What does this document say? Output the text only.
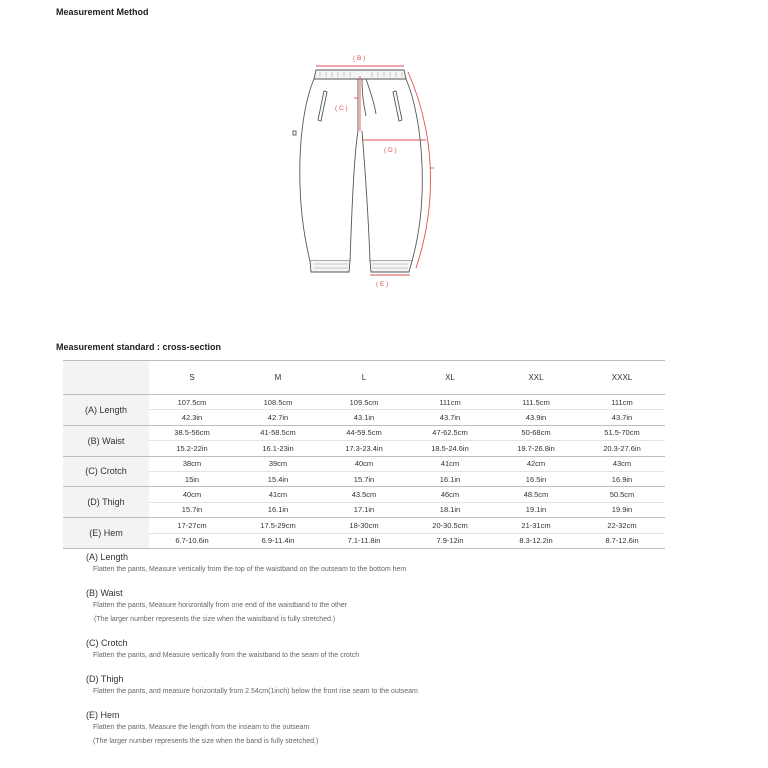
Measurement Method
( B )
( C )
( D )
( E )
Measurement standard : cross-section
	S	M	L	XL	XXL	XXXL
(A) Length	107.5cm	108.5cm	109.5cm	111cm	111.5cm	111cm
	42.3in	42.7in	43.1in	43.7in	43.9in	43.7in
(B) Waist	38.5-56cm	41-58.5cm	44-59.5cm	47-62.5cm	50-68cm	51.5-70cm
	15.2-22in	16.1-23in	17.3-23.4in	18.5-24.6in	19.7-26.8in	20.3-27.6in
(C) Crotch	38cm	39cm	40cm	41cm	42cm	43cm
	15in	15.4in	15.7in	16.1in	16.5in	16.9in
(D) Thigh	40cm	41cm	43.5cm	46cm	48.5cm	50.5cm
	15.7in	16.1in	17.1in	18.1in	19.1in	19.9in
(E) Hem	17-27cm	17.5-29cm	18-30cm	20-30.5cm	21-31cm	22-32cm
	6.7-10.6in	6.9-11.4in	7.1-11.8in	7.9-12in	8.3-12.2in	8.7-12.6in
(A) Length
Flatten the pants, Measure vertically from the top of the waistband on the outseam to the bottom hem
(B) Waist
Flatten the pants, Measure horizontally from one end of the waistband to the other
(The larger number represents the size when the waistband is fully stretched.)
(C) Crotch
Flatten the pants, and Measure vertically from the waistband to the seam of the crotch
(D) Thigh
Flatten the pants, and measure horizontally from 2.54cm(1inch) below the front rise seam to the outseam
(E) Hem
Flatten the pants, Measure the length from the inseam to the outseam
(The larger number represents the size when the band is fully stretched.)
